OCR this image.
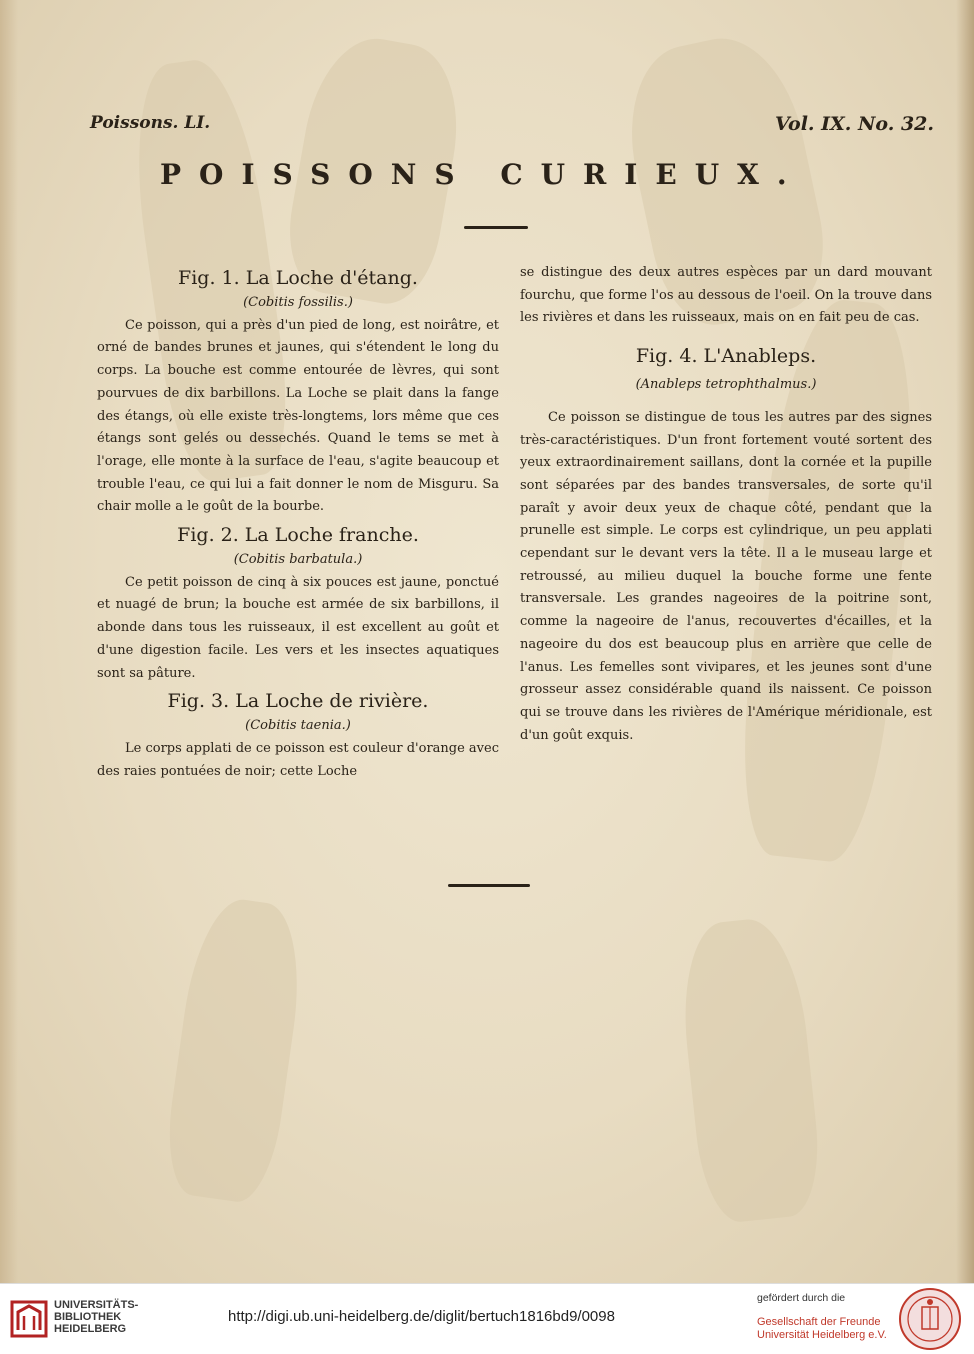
Poissons. LI.	Vol. IX. No. 32.
POISSONS CURIEUX.
Fig. 1. La Loche d'étang.

(Cobitis fossilis.)

Ce poisson, qui a près d'un pied de long, est noirâtre, et orné de bandes brunes et jaunes, qui s'étendent le long du corps. La bouche est comme entourée de lèvres, qui sont pourvues de dix barbillons. La Loche se plait dans la fange des étangs, où elle existe très-longtems, lors même que ces étangs sont gelés ou dessechés. Quand le tems se met à l'orage, elle monte à la surface de l'eau, s'agite beaucoup et trouble l'eau, ce qui lui a fait donner le nom de Misguru. Sa chair molle a le goût de la bourbe.

Fig. 2. La Loche franche.

(Cobitis barbatula.)

Ce petit poisson de cinq à six pouces est jaune, ponctué et nuagé de brun; la bouche est armée de six barbillons, il abonde dans tous les ruisseaux, il est excellent au goût et d'une digestion facile. Les vers et les insectes aquatiques sont sa pâture.

Fig. 3. La Loche de rivière.

(Cobitis taenia.)

Le corps applati de ce poisson est couleur d'orange avec des raies pontuées de noir; cette Loche

se distingue des deux autres espèces par un dard mouvant fourchu, que forme l'os au dessous de l'oeil. On la trouve dans les rivières et dans les ruisseaux, mais on en fait peu de cas.

Fig. 4. L'Anableps.

(Anableps tetrophthalmus.)

Ce poisson se distingue de tous les autres par des signes très-caractéristiques. D'un front fortement vouté sortent des yeux extraordinairement saillans, dont la cornée et la pupille sont séparées par des bandes transversales, de sorte qu'il paraît y avoir deux yeux de chaque côté, pendant que la prunelle est simple. Le corps est cylindrique, un peu applati cependant sur le devant vers la tête. Il a le museau large et retroussé, au milieu duquel la bouche forme une fente transversale. Les grandes nageoires de la poitrine sont, comme la nageoire de l'anus, recouvertes d'écailles, et la nageoire du dos est beaucoup plus en arrière que celle de l'anus. Les femelles sont vivipares, et les jeunes sont d'une grosseur assez considérable quand ils naissent. Ce poisson qui se trouve dans les rivières de l'Amérique méridionale, est d'un goût exquis.

UNIVERSITÄTS-
BIBLIOTHEK
HEIDELBERG
http://digi.ub.uni-heidelberg.de/diglit/bertuch1816bd9/0098
gefördert durch die
Gesellschaft der Freunde
Universität Heidelberg e.V.
